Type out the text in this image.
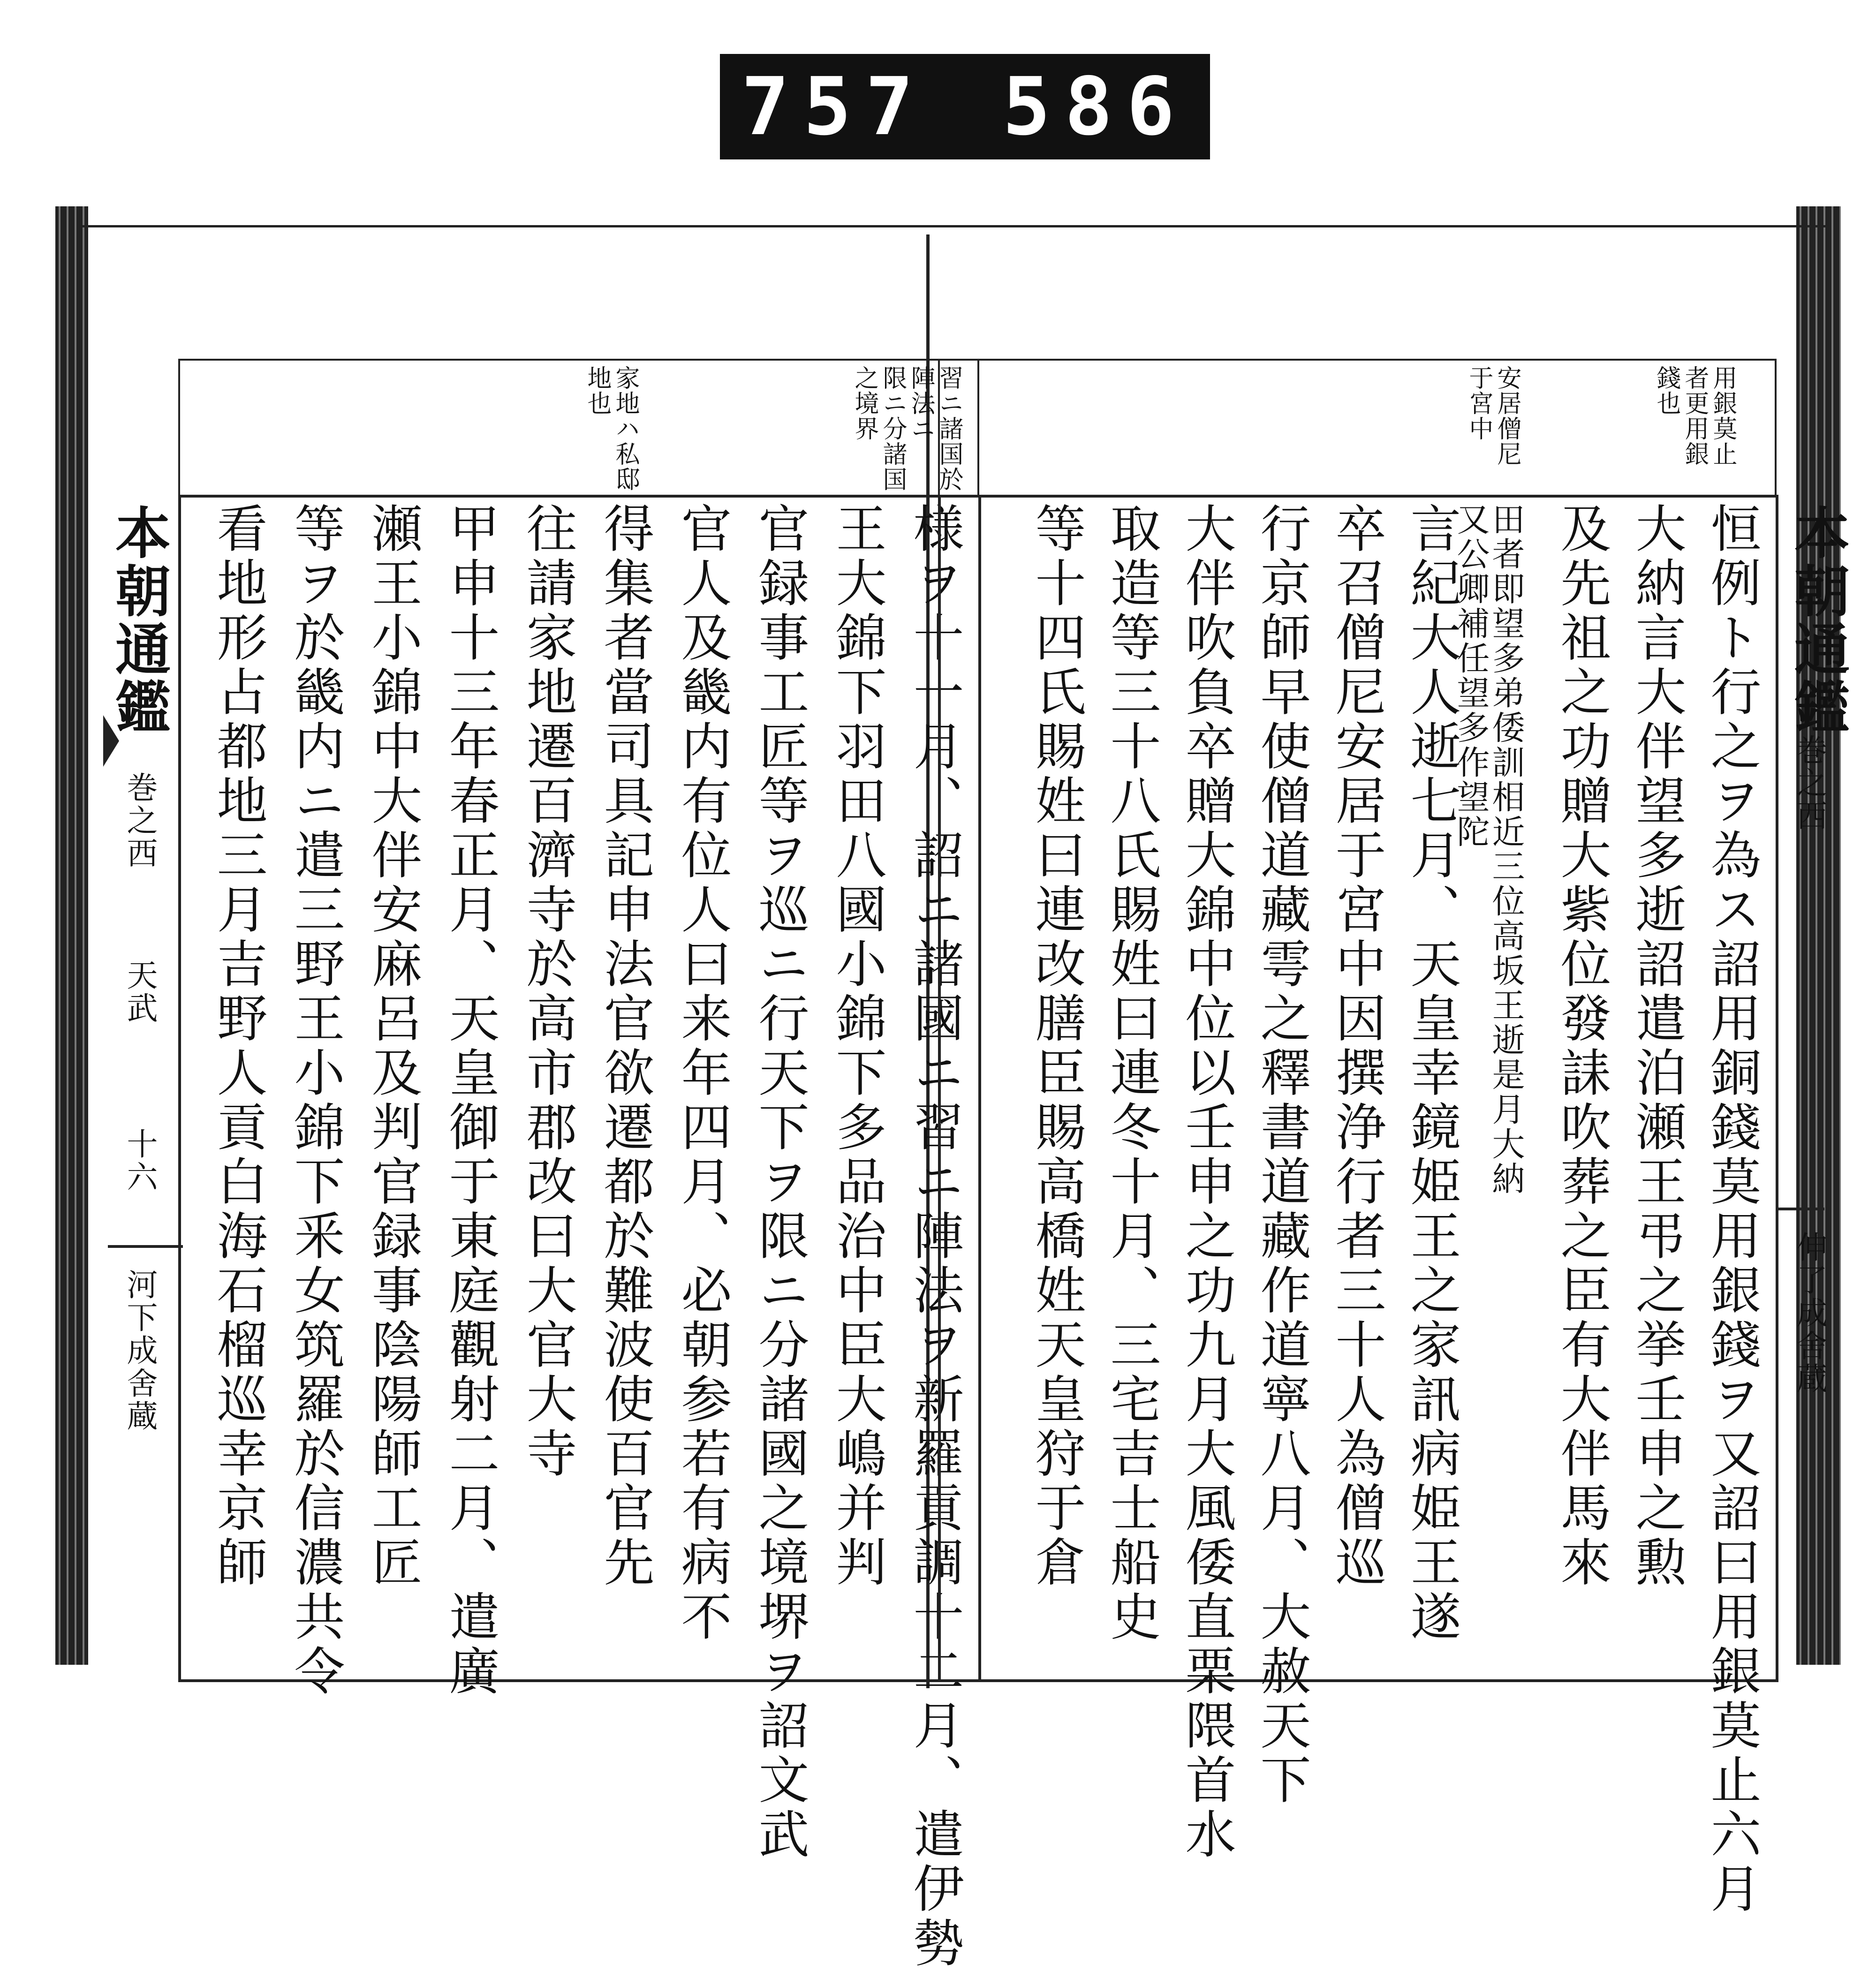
757 586
本朝通鑑
巻之西
天武
十六
河下成舍蔵
習ニ諸国於
陣法ニ
限ニ分諸国
之境界
家地ハ私邸
地也
様ヲ十一月、詔ニ諸國ニ習ニ陣法ヲ新羅貢調十二月、遣伊勢
王大錦下羽田八國小錦下多品治中臣大嶋并判
官録事工匠等ヲ巡ニ行天下ヲ限ニ分諸國之境堺ヲ詔文武
官人及畿内有位人曰来年四月、必朝参若有病不
得集者當司具記申法官欲遷都於難波使百官先
往請家地遷百濟寺於高市郡改曰大官大寺
甲申十三年春正月、天皇御于東庭觀射二月、遣廣
瀬王小錦中大伴安麻呂及判官録事陰陽師工匠
等ヲ於畿内ニ遣三野王小錦下釆女筑羅於信濃共令
看地形占都地三月吉野人貢白海石榴巡幸京師
用銀莫止
者更用銀
錢也
安居僧尼
于宮中
恒例ト行之ヲ為ス詔用銅錢莫用銀錢ヲ又詔曰用銀莫止六月
大納言大伴望多逝詔遣泊瀬王弔之挙壬申之勲
及先祖之功贈大紫位發誄吹葬之臣有大伴馬來
田者即望多弟倭訓相近三位高坂王逝是月大納
又公卿補任望多作望陀
言紀大人逝七月、天皇幸鏡姫王之家訊病姫王遂
卒召僧尼安居于宮中因撰浄行者三十人為僧巡
行京師早使僧道藏雩之釋書道藏作道寧八月、大赦天下
大伴吹負卒贈大錦中位以壬申之功九月大風倭直栗隈首水
取造等三十八氏賜姓曰連冬十月、三宅吉士船史
等十四氏賜姓曰連改膳臣賜高橋姓天皇狩于倉	本朝通鑑
巻之西
伸了成舍蔵
